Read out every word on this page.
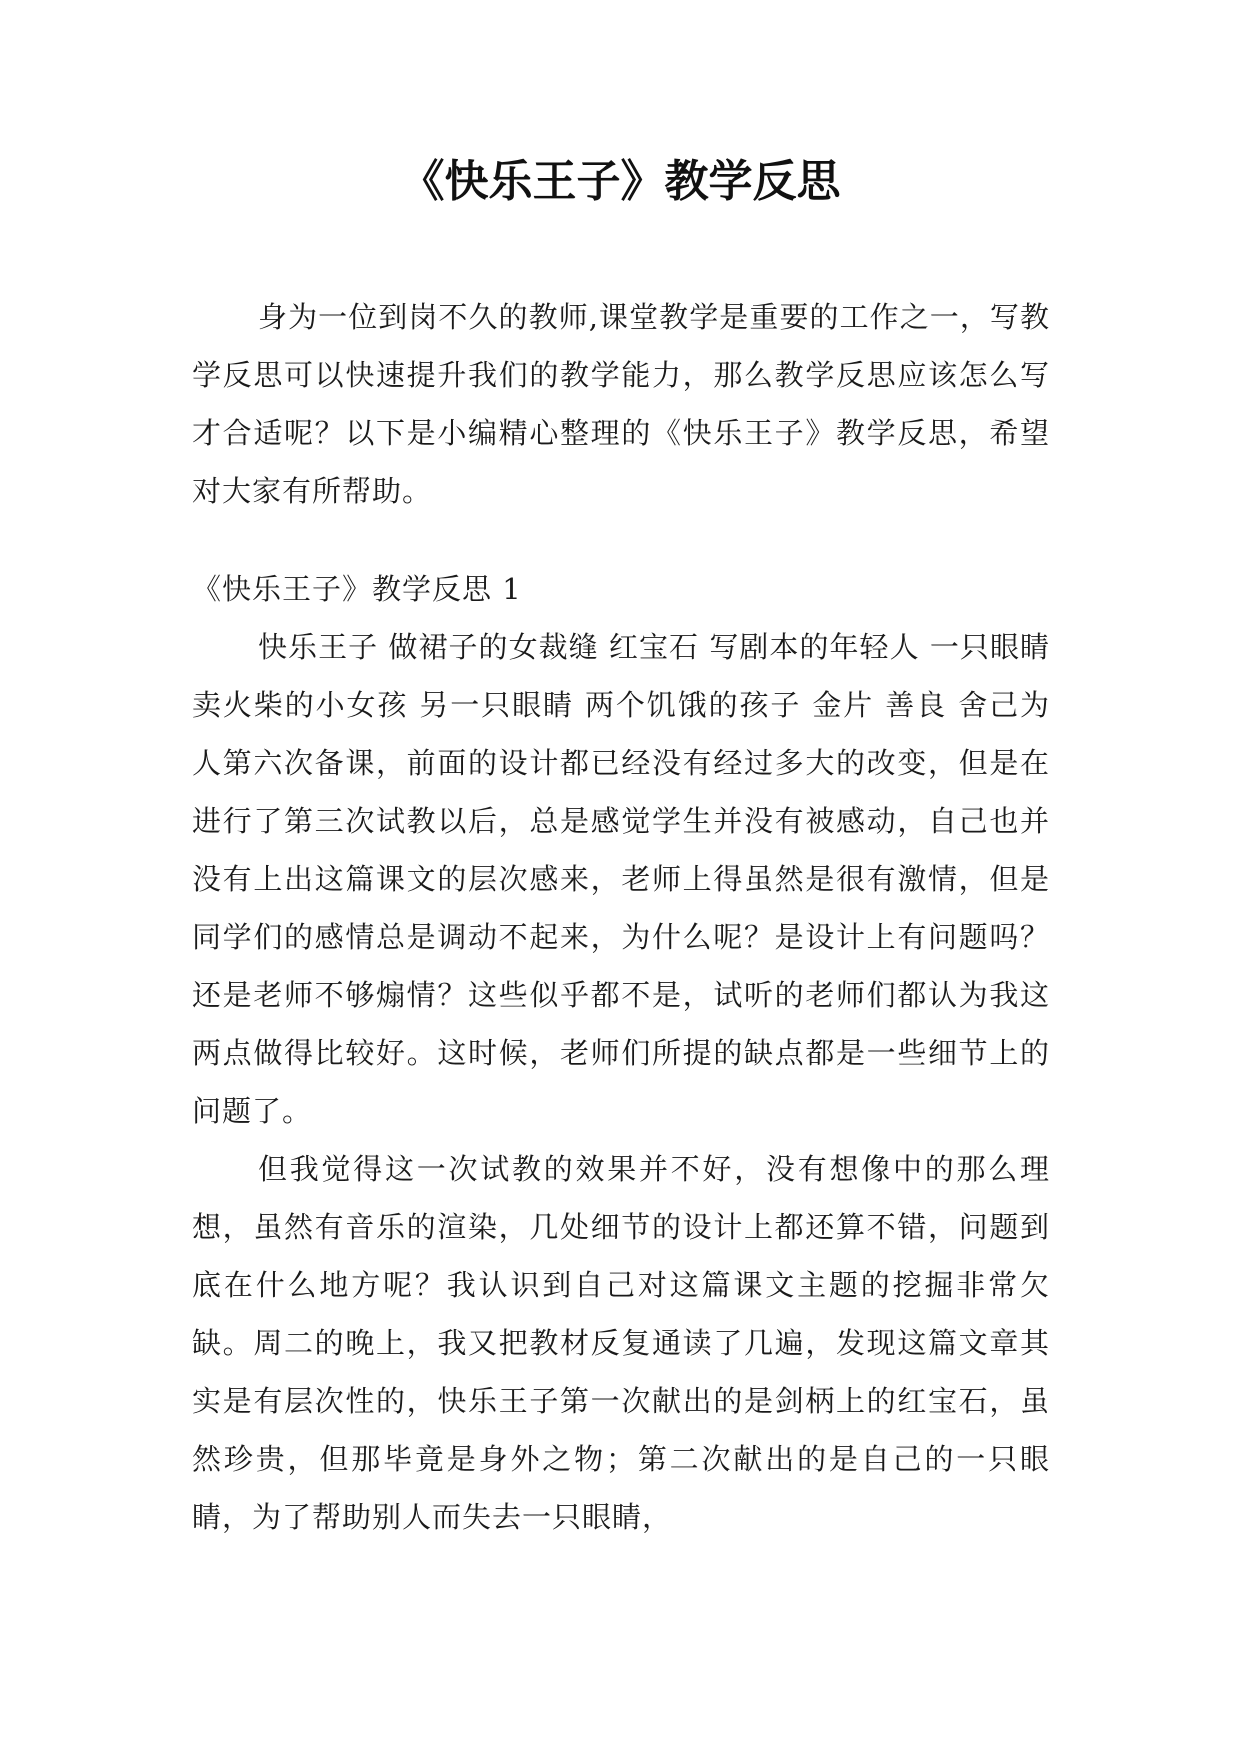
《快乐王子》教学反思

身为一位到岗不久的教师,课堂教学是重要的工作之一，写教学反思可以快速提升我们的教学能力，那么教学反思应该怎么写才合适呢？以下是小编精心整理的《快乐王子》教学反思，希望对大家有所帮助。

《快乐王子》教学反思 1

快乐王子 做裙子的女裁缝 红宝石 写剧本的年轻人 一只眼睛 卖火柴的小女孩 另一只眼睛 两个饥饿的孩子 金片 善良 舍己为人第六次备课，前面的设计都已经没有经过多大的改变，但是在进行了第三次试教以后，总是感觉学生并没有被感动，自己也并没有上出这篇课文的层次感来，老师上得虽然是很有激情，但是同学们的感情总是调动不起来，为什么呢？是设计上有问题吗？还是老师不够煽情？这些似乎都不是，试听的老师们都认为我这两点做得比较好。这时候，老师们所提的缺点都是一些细节上的问题了。

但我觉得这一次试教的效果并不好，没有想像中的那么理想，虽然有音乐的渲染，几处细节的设计上都还算不错，问题到底在什么地方呢？我认识到自己对这篇课文主题的挖掘非常欠缺。周二的晚上，我又把教材反复通读了几遍，发现这篇文章其实是有层次性的，快乐王子第一次献出的是剑柄上的红宝石，虽然珍贵，但那毕竟是身外之物；第二次献出的是自己的一只眼睛，为了帮助别人而失去一只眼睛，
